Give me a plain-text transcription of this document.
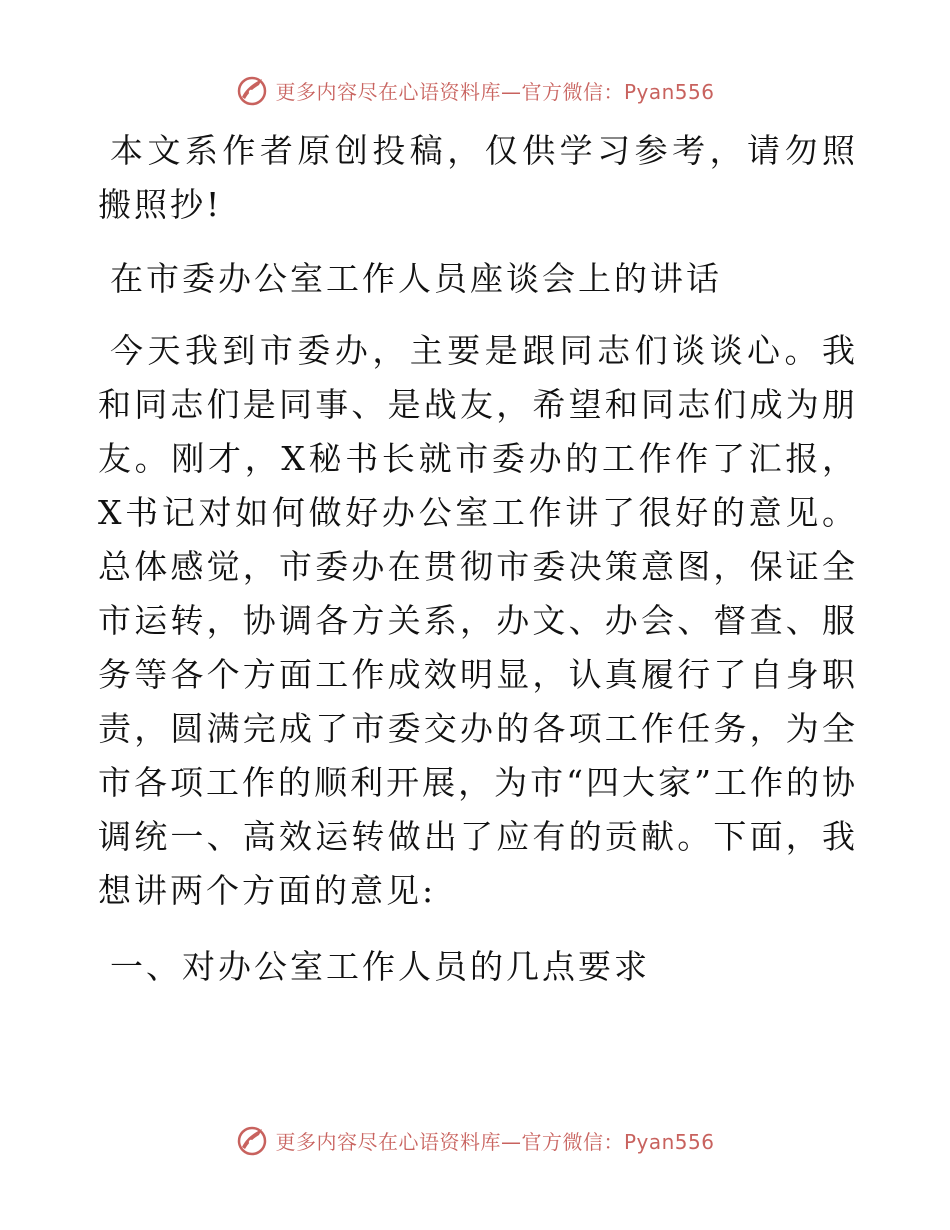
更多内容尽在心语资料库—官方微信：Pyan556

本文系作者原创投稿，仅供学习参考，请勿照搬照抄!

在市委办公室工作人员座谈会上的讲话

今天我到市委办，主要是跟同志们谈谈心。我和同志们是同事、是战友，希望和同志们成为朋友。刚才，X秘书长就市委办的工作作了汇报，X书记对如何做好办公室工作讲了很好的意见。总体感觉，市委办在贯彻市委决策意图，保证全市运转，协调各方关系，办文、办会、督查、服务等各个方面工作成效明显，认真履行了自身职责，圆满完成了市委交办的各项工作任务，为全市各项工作的顺利开展，为市“四大家”工作的协调统一、高效运转做出了应有的贡献。下面，我想讲两个方面的意见:

一、对办公室工作人员的几点要求

更多内容尽在心语资料库—官方微信：Pyan556
